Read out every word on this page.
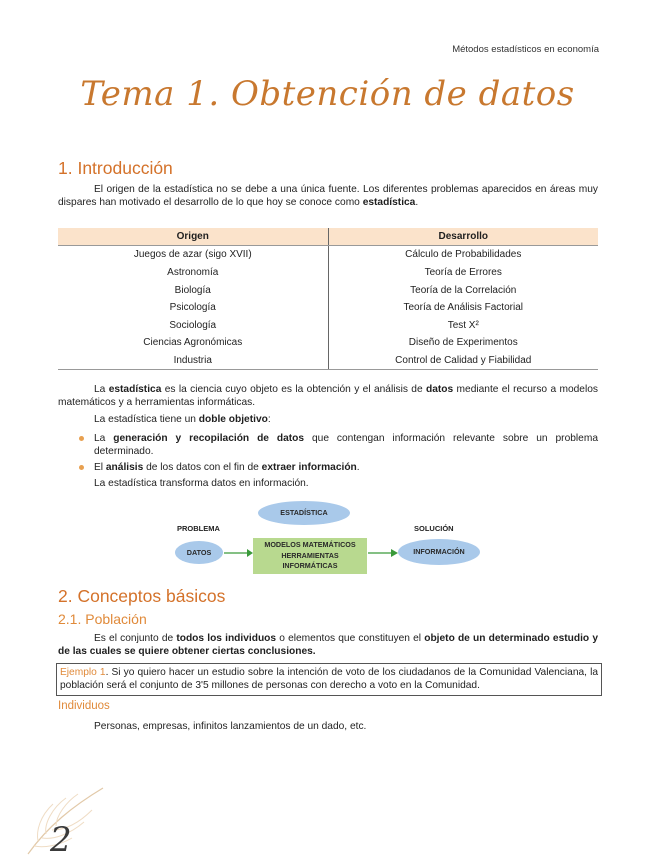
Métodos estadísticos en economía
Tema 1. Obtención de datos
1. Introducción
El origen de la estadística no se debe a una única fuente. Los diferentes problemas aparecidos en áreas muy dispares han motivado el desarrollo de lo que hoy se conoce como estadística.
Origen	Desarrollo
Juegos de azar (sigo XVII)	Cálculo de Probabilidades
Astronomía	Teoría de Errores
Biología	Teoría de la Correlación
Psicología	Teoría de Análisis Factorial
Sociología	Test X²
Ciencias Agronómicas	Diseño de Experimentos
Industria	Control de Calidad y Fiabilidad
La estadística es la ciencia cuyo objeto es la obtención y el análisis de datos mediante el recurso a modelos matemáticos y a herramientas informáticas.
La estadística tiene un doble objetivo:
La generación y recopilación de datos que contengan información relevante sobre un problema determinado.
El análisis de los datos con el fin de extraer información.
La estadística transforma datos en información.
ESTADÍSTICA
PROBLEMA	SOLUCIÓN
DATOS
MODELOS MATEMÁTICOS
HERRAMIENTAS INFORMÁTICAS
INFORMACIÓN
2. Conceptos básicos
2.1. Población
Es el conjunto de todos los individuos o elementos que constituyen el objeto de un determinado estudio y de las cuales se quiere obtener ciertas conclusiones.
Ejemplo 1. Si yo quiero hacer un estudio sobre la intención de voto de los ciudadanos de la Comunidad Valenciana, la población será el conjunto de 3'5 millones de personas con derecho a voto en la Comunidad.
Individuos
Personas, empresas, infinitos lanzamientos de un dado, etc.
2
